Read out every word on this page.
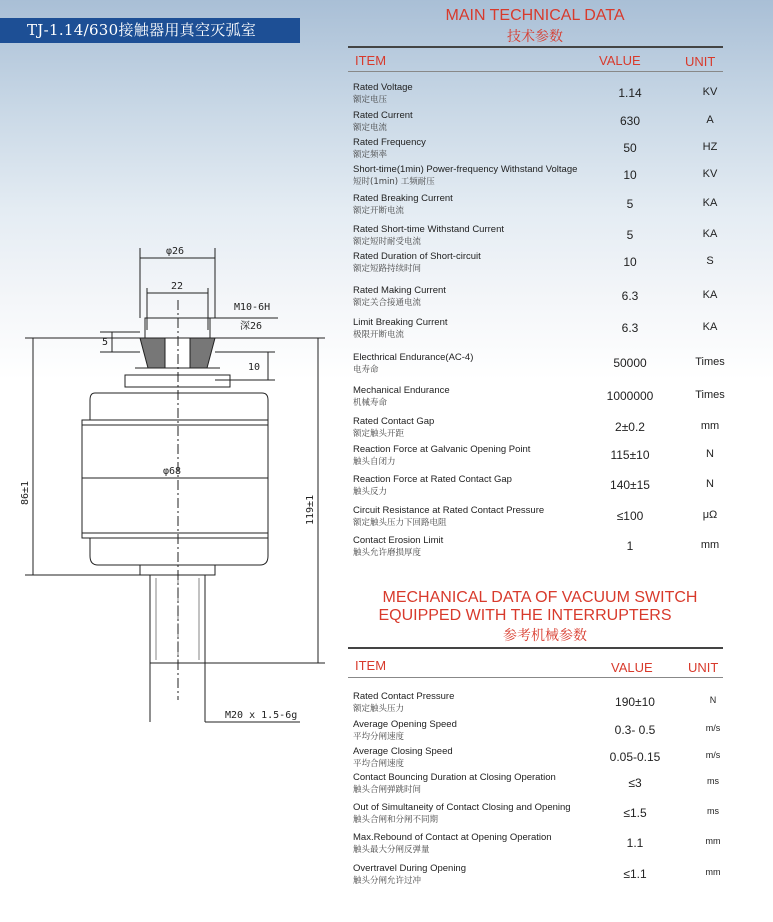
TJ-1.14/630接触器用真空灭弧室
φ26
22
M10-6H
深26
5
10
φ68
86±1
119±1
M20 x 1.5-6g
MAIN TECHNICAL DATA
技术参数
ITEM	VALUE	UNIT
Rated Voltage
额定电压	1.14	KV
Rated Current
额定电流	630	A
Rated Frequency
额定频率	50	HZ
Short-time(1min) Power-frequency Withstand Voltage
短时(1min) 工频耐压	10	KV
Rated Breaking Current
额定开断电流	5	KA
Rated Short-time Withstand Current
额定短时耐受电流	5	KA
Rated Duration of Short-circuit
额定短路持续时间	10	S
Rated Making Current
额定关合接通电流	6.3	KA
Limit Breaking Current
极限开断电流	6.3	KA
Electhrical Endurance(AC-4)
电寿命	50000	Times
Mechanical Endurance
机械寿命	1000000	Times
Rated Contact Gap
额定触头开距	2±0.2	mm
Reaction Force at Galvanic Opening Point
触头自闭力	115±10	N
Reaction Force at Rated Contact Gap
触头反力	140±15	N
Circuit Resistance at Rated Contact Pressure
额定触头压力下回路电阻	≤100	μΩ
Contact Erosion Limit
触头允许磨损厚度	1	mm
MECHANICAL DATA OF VACUUM SWITCH
EQUIPPED WITH THE INTERRUPTERS
参考机械参数
ITEM	VALUE	UNIT
Rated Contact Pressure
额定触头压力	190±10	N
Average Opening Speed
平均分闸速度	0.3- 0.5	m/s
Average Closing Speed
平均合闸速度	0.05-0.15	m/s
Contact Bouncing Duration at Closing Operation
触头合闸弹跳时间	≤3	ms
Out of Simultaneity of Contact Closing and Opening
触头合闸和分闸不同期	≤1.5	ms
Max.Rebound of Contact at Opening Operation
触头最大分闸反弹量	1.1	mm
Overtravel During Opening
触头分闸允许过冲	≤1.1	mm
